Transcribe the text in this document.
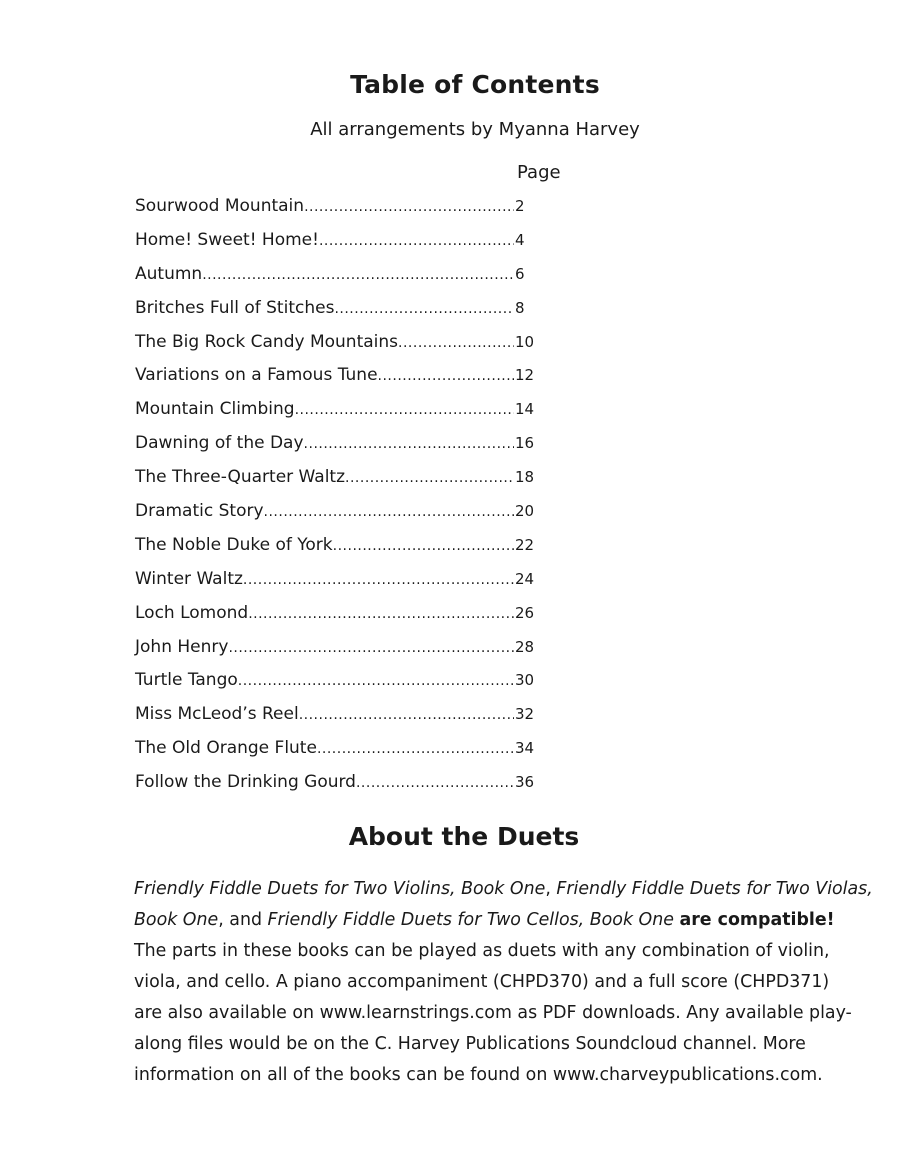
Table of Contents
All arrangements by Myanna Harvey
Page
Sourwood Mountain .....	2
Home! Sweet! Home! .....	4
Autumn .....	6
Britches Full of Stitches .....	8
The Big Rock Candy Mountains .....	10
Variations on a Famous Tune .....	12
Mountain Climbing .....	14
Dawning of the Day .....	16
The Three-Quarter Waltz .....	18
Dramatic Story .....	20
The Noble Duke of York .....	22
Winter Waltz .....	24
Loch Lomond .....	26
John Henry .....	28
Turtle Tango .....	30
Miss McLeod’s Reel .....	32
The Old Orange Flute .....	34
Follow the Drinking Gourd .....	36
About the Duets

Friendly Fiddle Duets for Two Violins, Book One, Friendly Fiddle Duets for Two Violas,
Book One, and Friendly Fiddle Duets for Two Cellos, Book One are compatible!
The parts in these books can be played as duets with any combination of violin,
viola, and cello. A piano accompaniment (CHPD370) and a full score (CHPD371)
are also available on www.learnstrings.com as PDF downloads. Any available play-
along files would be on the C. Harvey Publications Soundcloud channel. More
information on all of the books can be found on www.charveypublications.com.
